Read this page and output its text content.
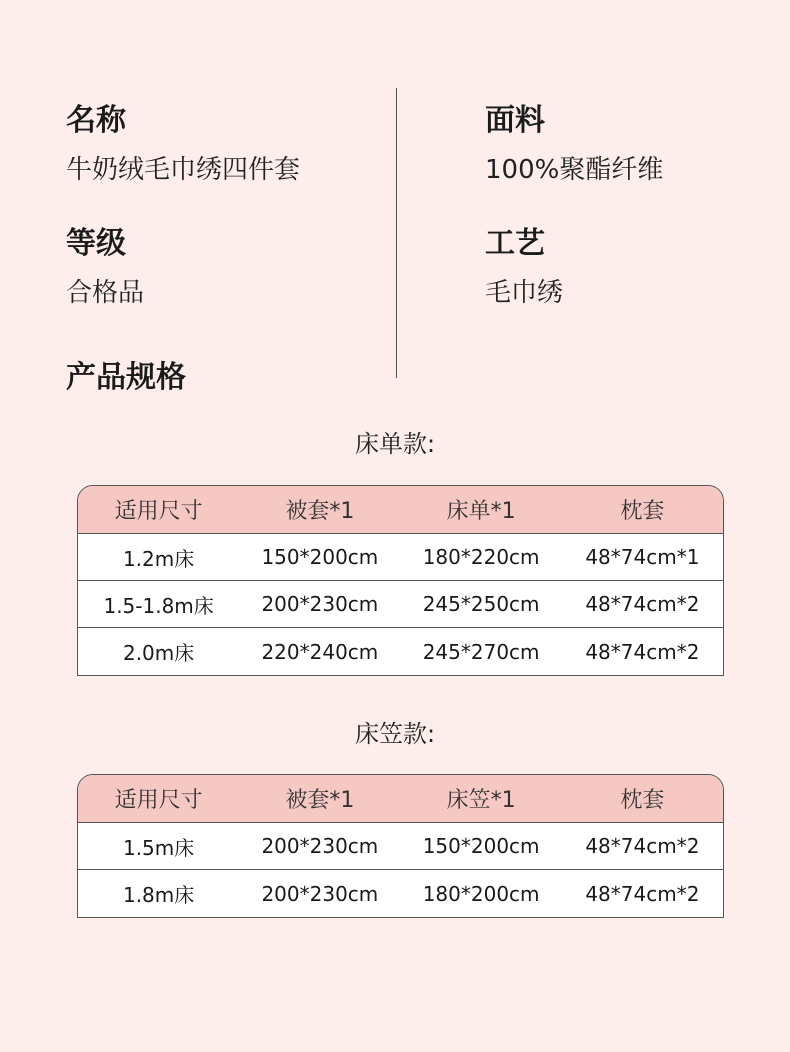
名称
牛奶绒毛巾绣四件套
面料
100%聚酯纤维
等级
合格品
工艺
毛巾绣
产品规格
床单款:
适用尺寸	被套*1	床单*1	枕套
1.2m床	150*200cm	180*220cm	48*74cm*1
1.5-1.8m床	200*230cm	245*250cm	48*74cm*2
2.0m床	220*240cm	245*270cm	48*74cm*2
床笠款:
适用尺寸	被套*1	床笠*1	枕套
1.5m床	200*230cm	150*200cm	48*74cm*2
1.8m床	200*230cm	180*200cm	48*74cm*2
